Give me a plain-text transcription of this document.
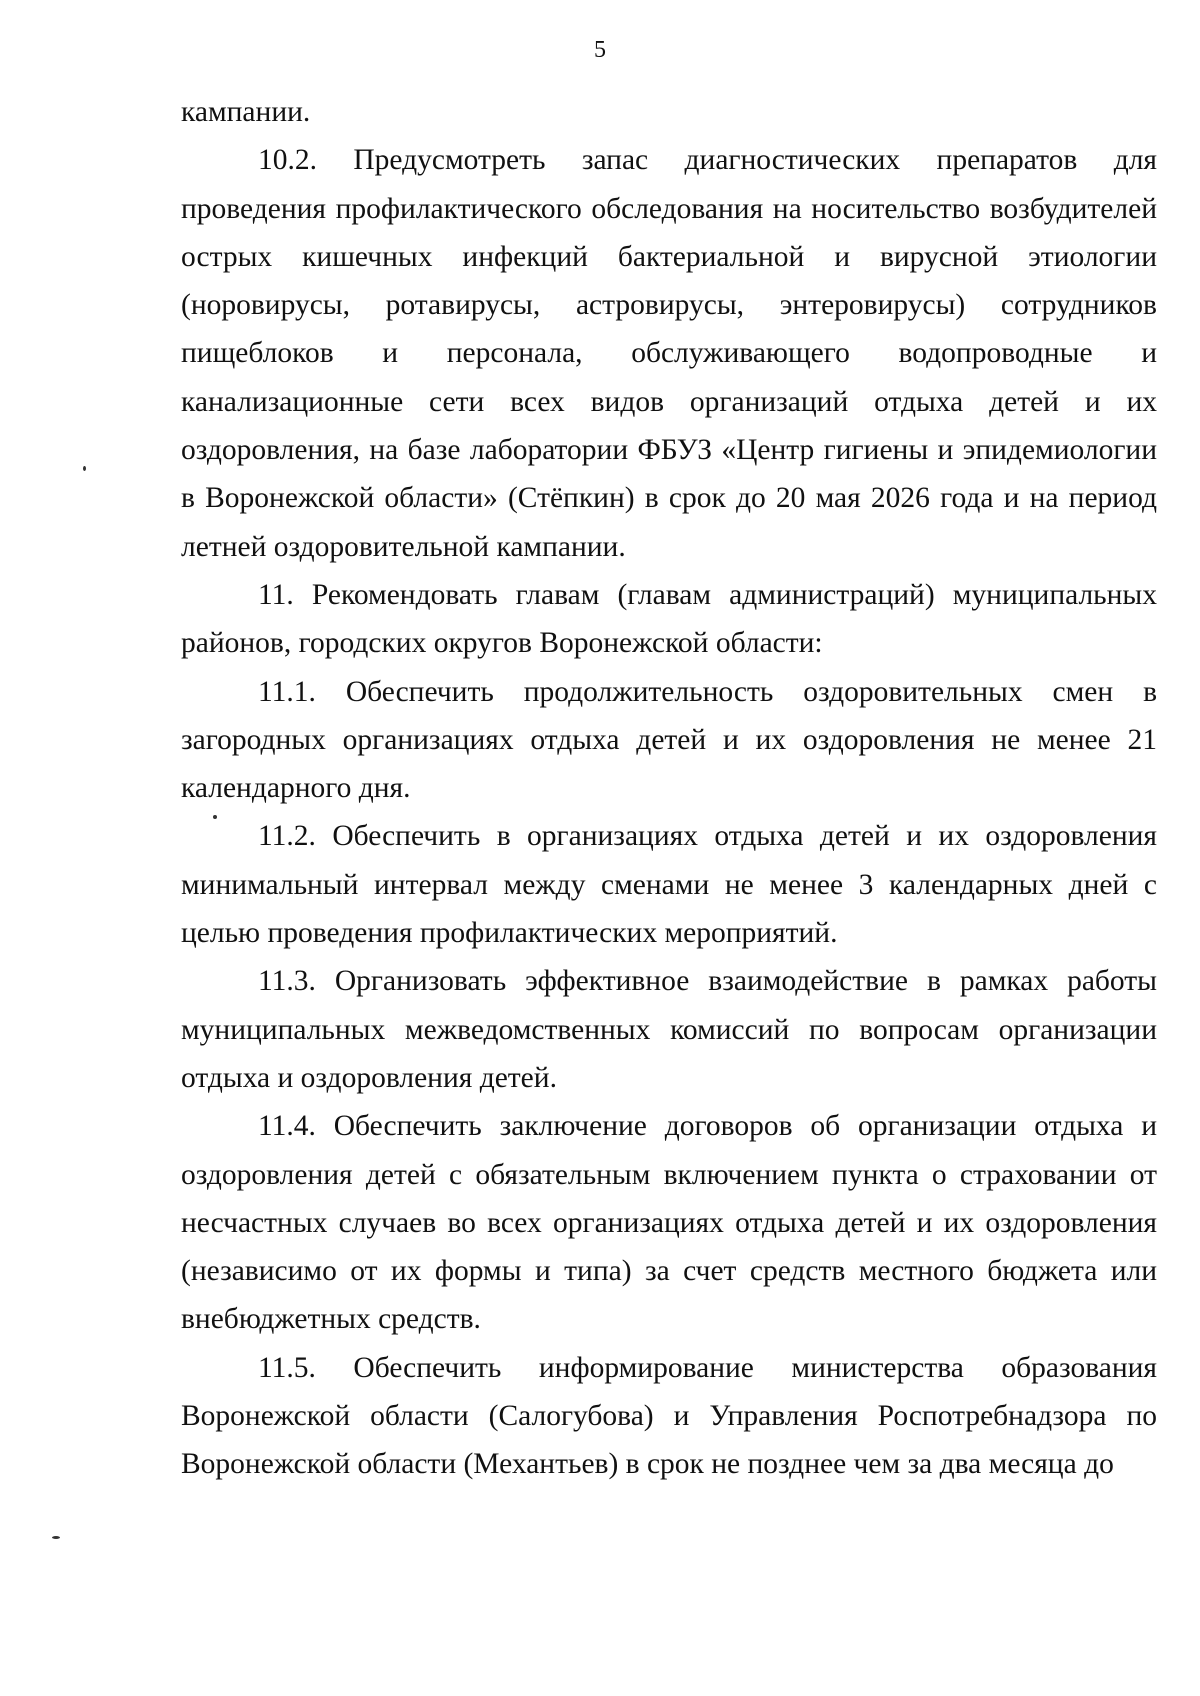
5

кампании.

10.2. Предусмотреть запас диагностических препаратов для проведения профилактического обследования на носительство возбудителей острых кишечных инфекций бактериальной и вирусной этиологии (норовирусы, ротавирусы, астровирусы, энтеровирусы) сотрудников пищеблоков и персонала, обслуживающего водопроводные и канализационные сети всех видов организаций отдыха детей и их оздоровления, на базе лаборатории ФБУЗ «Центр гигиены и эпидемиологии в Воронежской области» (Стёпкин) в срок до 20 мая 2026 года и на период летней оздоровительной кампании.

11. Рекомендовать главам (главам администраций) муниципальных районов, городских округов Воронежской области:

11.1. Обеспечить продолжительность оздоровительных смен в загородных организациях отдыха детей и их оздоровления не менее 21 календарного дня.

11.2. Обеспечить в организациях отдыха детей и их оздоровления минимальный интервал между сменами не менее 3 календарных дней с целью проведения профилактических мероприятий.

11.3. Организовать эффективное взаимодействие в рамках работы муниципальных межведомственных комиссий по вопросам организации отдыха и оздоровления детей.

11.4. Обеспечить заключение договоров об организации отдыха и оздоровления детей с обязательным включением пункта о страховании от несчастных случаев во всех организациях отдыха детей и их оздоровления (независимо от их формы и типа) за счет средств местного бюджета или внебюджетных средств.

11.5. Обеспечить информирование министерства образования Воронежской области (Салогубова) и Управления Роспотребнадзора по Воронежской области (Механтьев) в срок не позднее чем за два месяца до
